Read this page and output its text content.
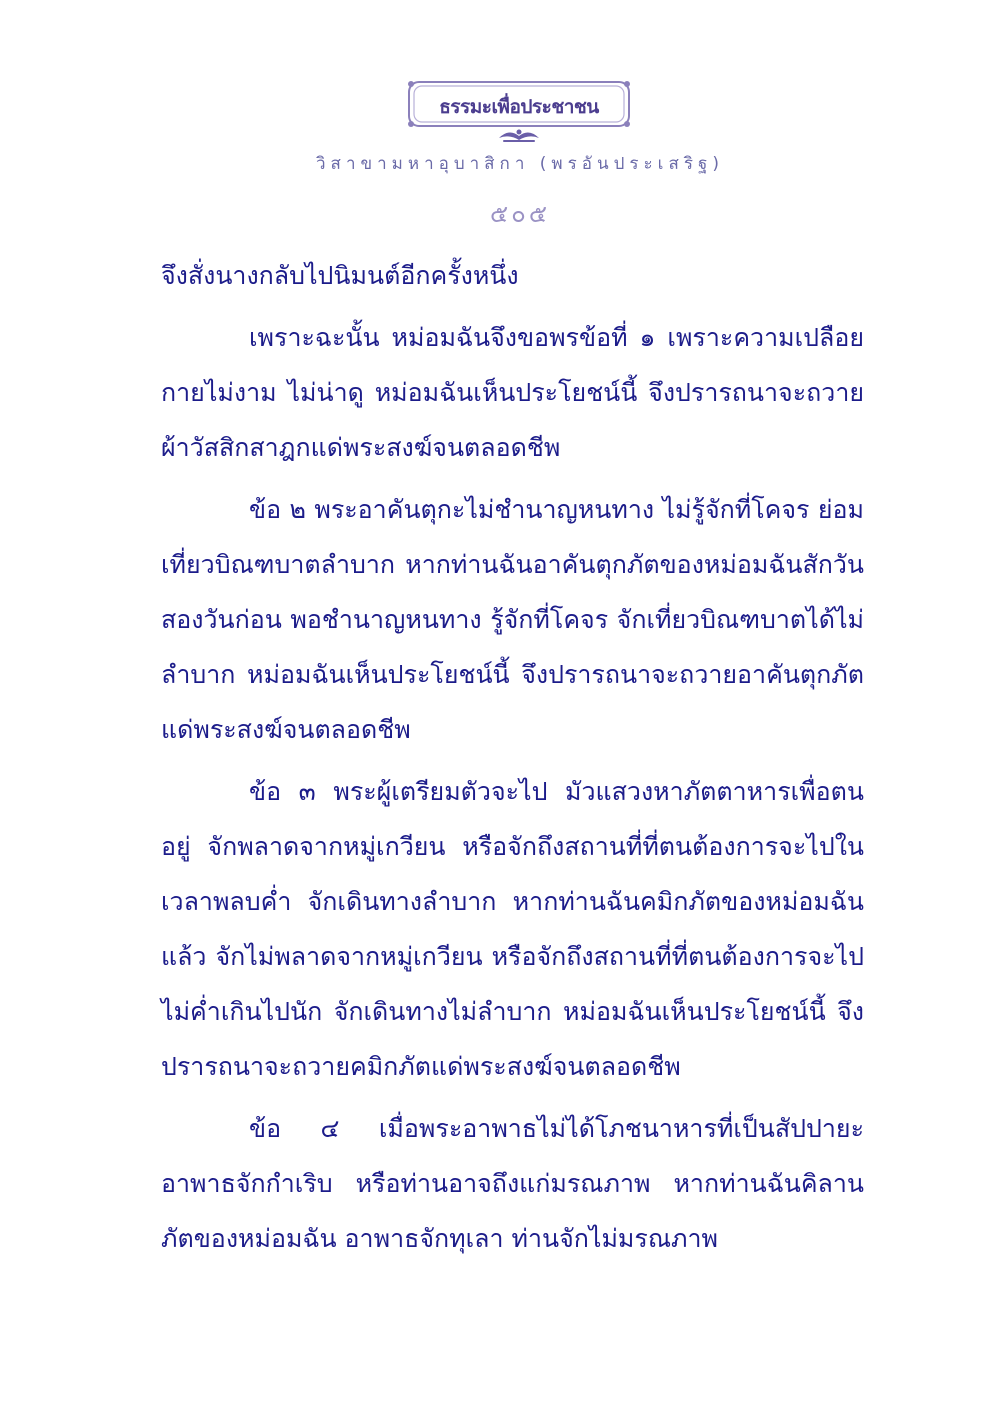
ธรรมะเพื่อประชาชน
วิสาขามหาอุบาสิกา (พรอันประเสริฐ)
๕๐๕

จึงสั่งนางกลับไปนิมนต์อีกครั้งหนึ่ง

เพราะฉะนั้น หม่อมฉันจึงขอพรข้อที่ ๑ เพราะความเปลือยกายไม่งาม ไม่น่าดู หม่อมฉันเห็นประโยชน์นี้ จึงปรารถนาจะถวายผ้าวัสสิกสาฎกแด่พระสงฆ์จนตลอดชีพ

ข้อ ๒ พระอาคันตุกะไม่ชำนาญหนทาง ไม่รู้จักที่โคจร ย่อมเที่ยวบิณฑบาตลำบาก หากท่านฉันอาคันตุกภัตของหม่อมฉันสักวันสองวันก่อน พอชำนาญหนทาง รู้จักที่โคจร จักเที่ยวบิณฑบาตได้ไม่ลำบาก หม่อมฉันเห็นประโยชน์นี้ จึงปรารถนาจะถวายอาคันตุกภัตแด่พระสงฆ์จนตลอดชีพ

ข้อ ๓ พระผู้เตรียมตัวจะไป มัวแสวงหาภัตตาหารเพื่อตนอยู่ จักพลาดจากหมู่เกวียน หรือจักถึงสถานที่ที่ตนต้องการจะไปในเวลาพลบค่ำ จักเดินทางลำบาก หากท่านฉันคมิกภัตของหม่อมฉันแล้ว จักไม่พลาดจากหมู่เกวียน หรือจักถึงสถานที่ที่ตนต้องการจะไปไม่ค่ำเกินไปนัก จักเดินทางไม่ลำบาก หม่อมฉันเห็นประโยชน์นี้ จึงปรารถนาจะถวายคมิกภัตแด่พระสงฆ์จนตลอดชีพ

ข้อ ๔ เมื่อพระอาพาธไม่ได้โภชนาหารที่เป็นสัปปายะ อาพาธจักกำเริบ หรือท่านอาจถึงแก่มรณภาพ หากท่านฉันคิลานภัตของหม่อมฉัน อาพาธจักทุเลา ท่านจักไม่มรณภาพ
